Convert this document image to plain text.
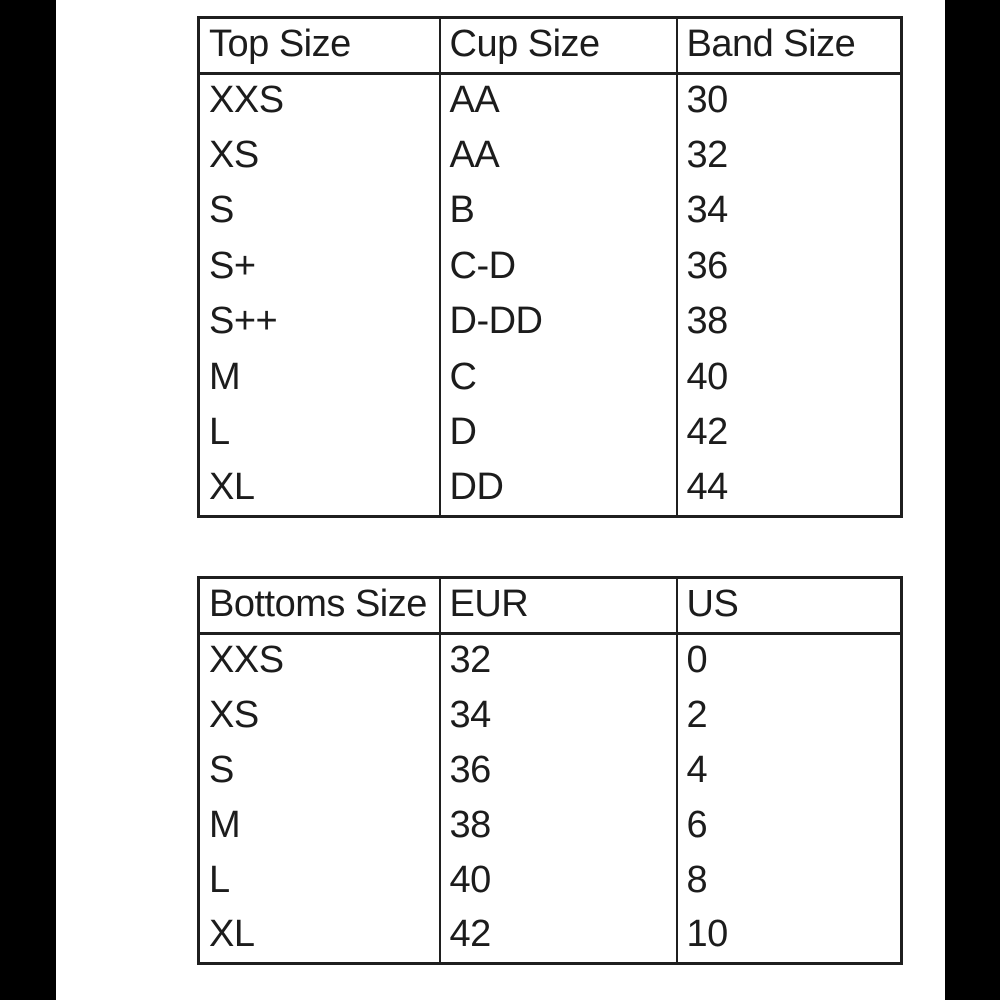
Top Size	Cup Size	Band Size
XXS	AA	30
XS	AA	32
S	B	34
S+	C-D	36
S++	D-DD	38
M	C	40
L	D	42
XL	DD	44
Bottoms Size	EUR	US
XXS	32	0
XS	34	2
S	36	4
M	38	6
L	40	8
XL	42	10
